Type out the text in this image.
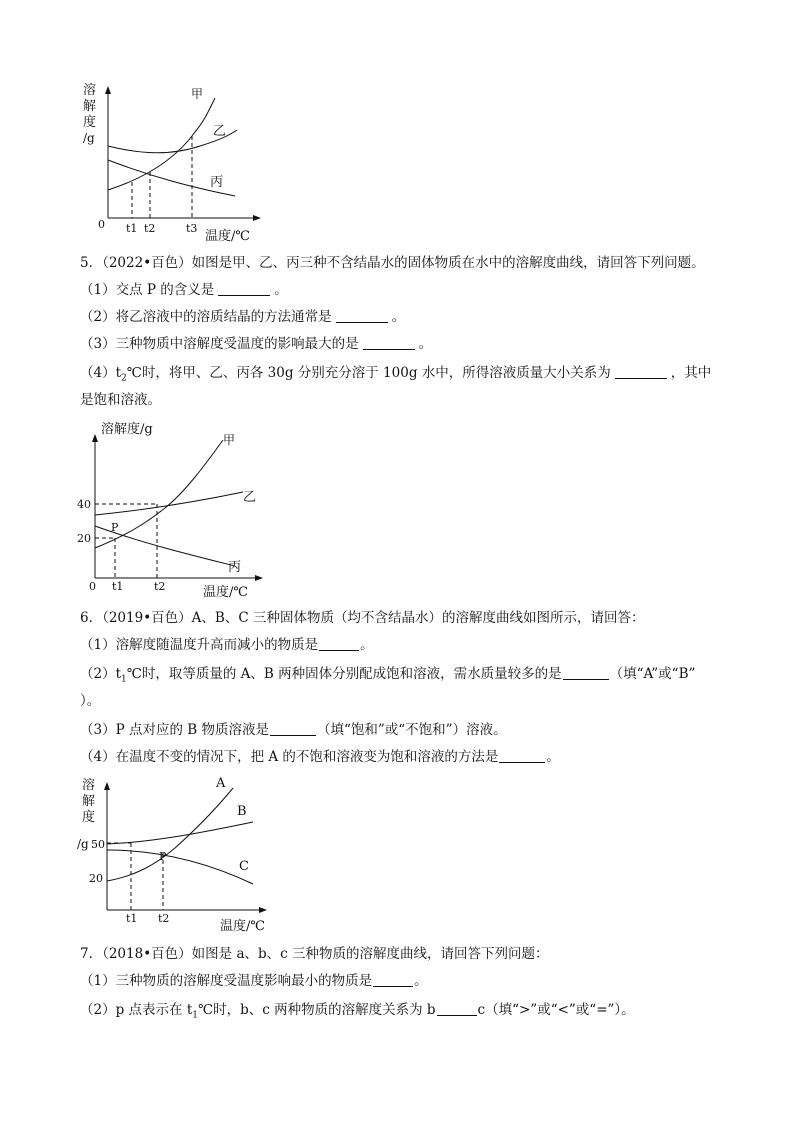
溶
解
度
/g
0 t1 t2	t3
温度/℃
甲
乙
丙
5．（2022•百色）如图是甲、乙、丙三种不含结晶水的固体物质在水中的溶解度曲线，请回答下列问题。
（1）交点 P 的含义是	。
（2）将乙溶液中的溶质结晶的方法通常是	。
（3）三种物质中溶解度受温度的影响最大的是	。
$(4)t_2℃$时，将甲、乙、丙各 30g 分别充分溶于 100g 水中，所得溶液质量大小关系为	，其中
是饱和溶液。
溶解度/g
40
20
0 t1	t2	温度/℃
P
甲
乙
丙
6．（2019•百色）A、B、C 三种固体物质（均不含结晶水）的溶解度曲线如图所示，请回答：
（1）溶解度随温度升高而减小的物质是	。
$(2)t_1℃$时，取等质量的 A、B 两种固体分别配成饱和溶液，需水质量较多的是	（填“A”或“B”
）。
（3）P 点对应的 B 物质溶液是	（填“饱和”或“不饱和”）溶液。
（4）在温度不变的情况下，把 A 的不饱和溶液变为饱和溶液的方法是	。
溶
解
度
/g 50
20
t1 t2
温度/℃
P
A
B
C
7．（2018•百色）如图是 a、b、c 三种物质的溶解度曲线，请回答下列问题：
（1）三种物质的溶解度受温度影响最小的物质是	。
（2）p 点表示在 $t_1℃$时，b、c 两种物质的溶解度关系为 b	c（填“>”或“<”或“=”）。
